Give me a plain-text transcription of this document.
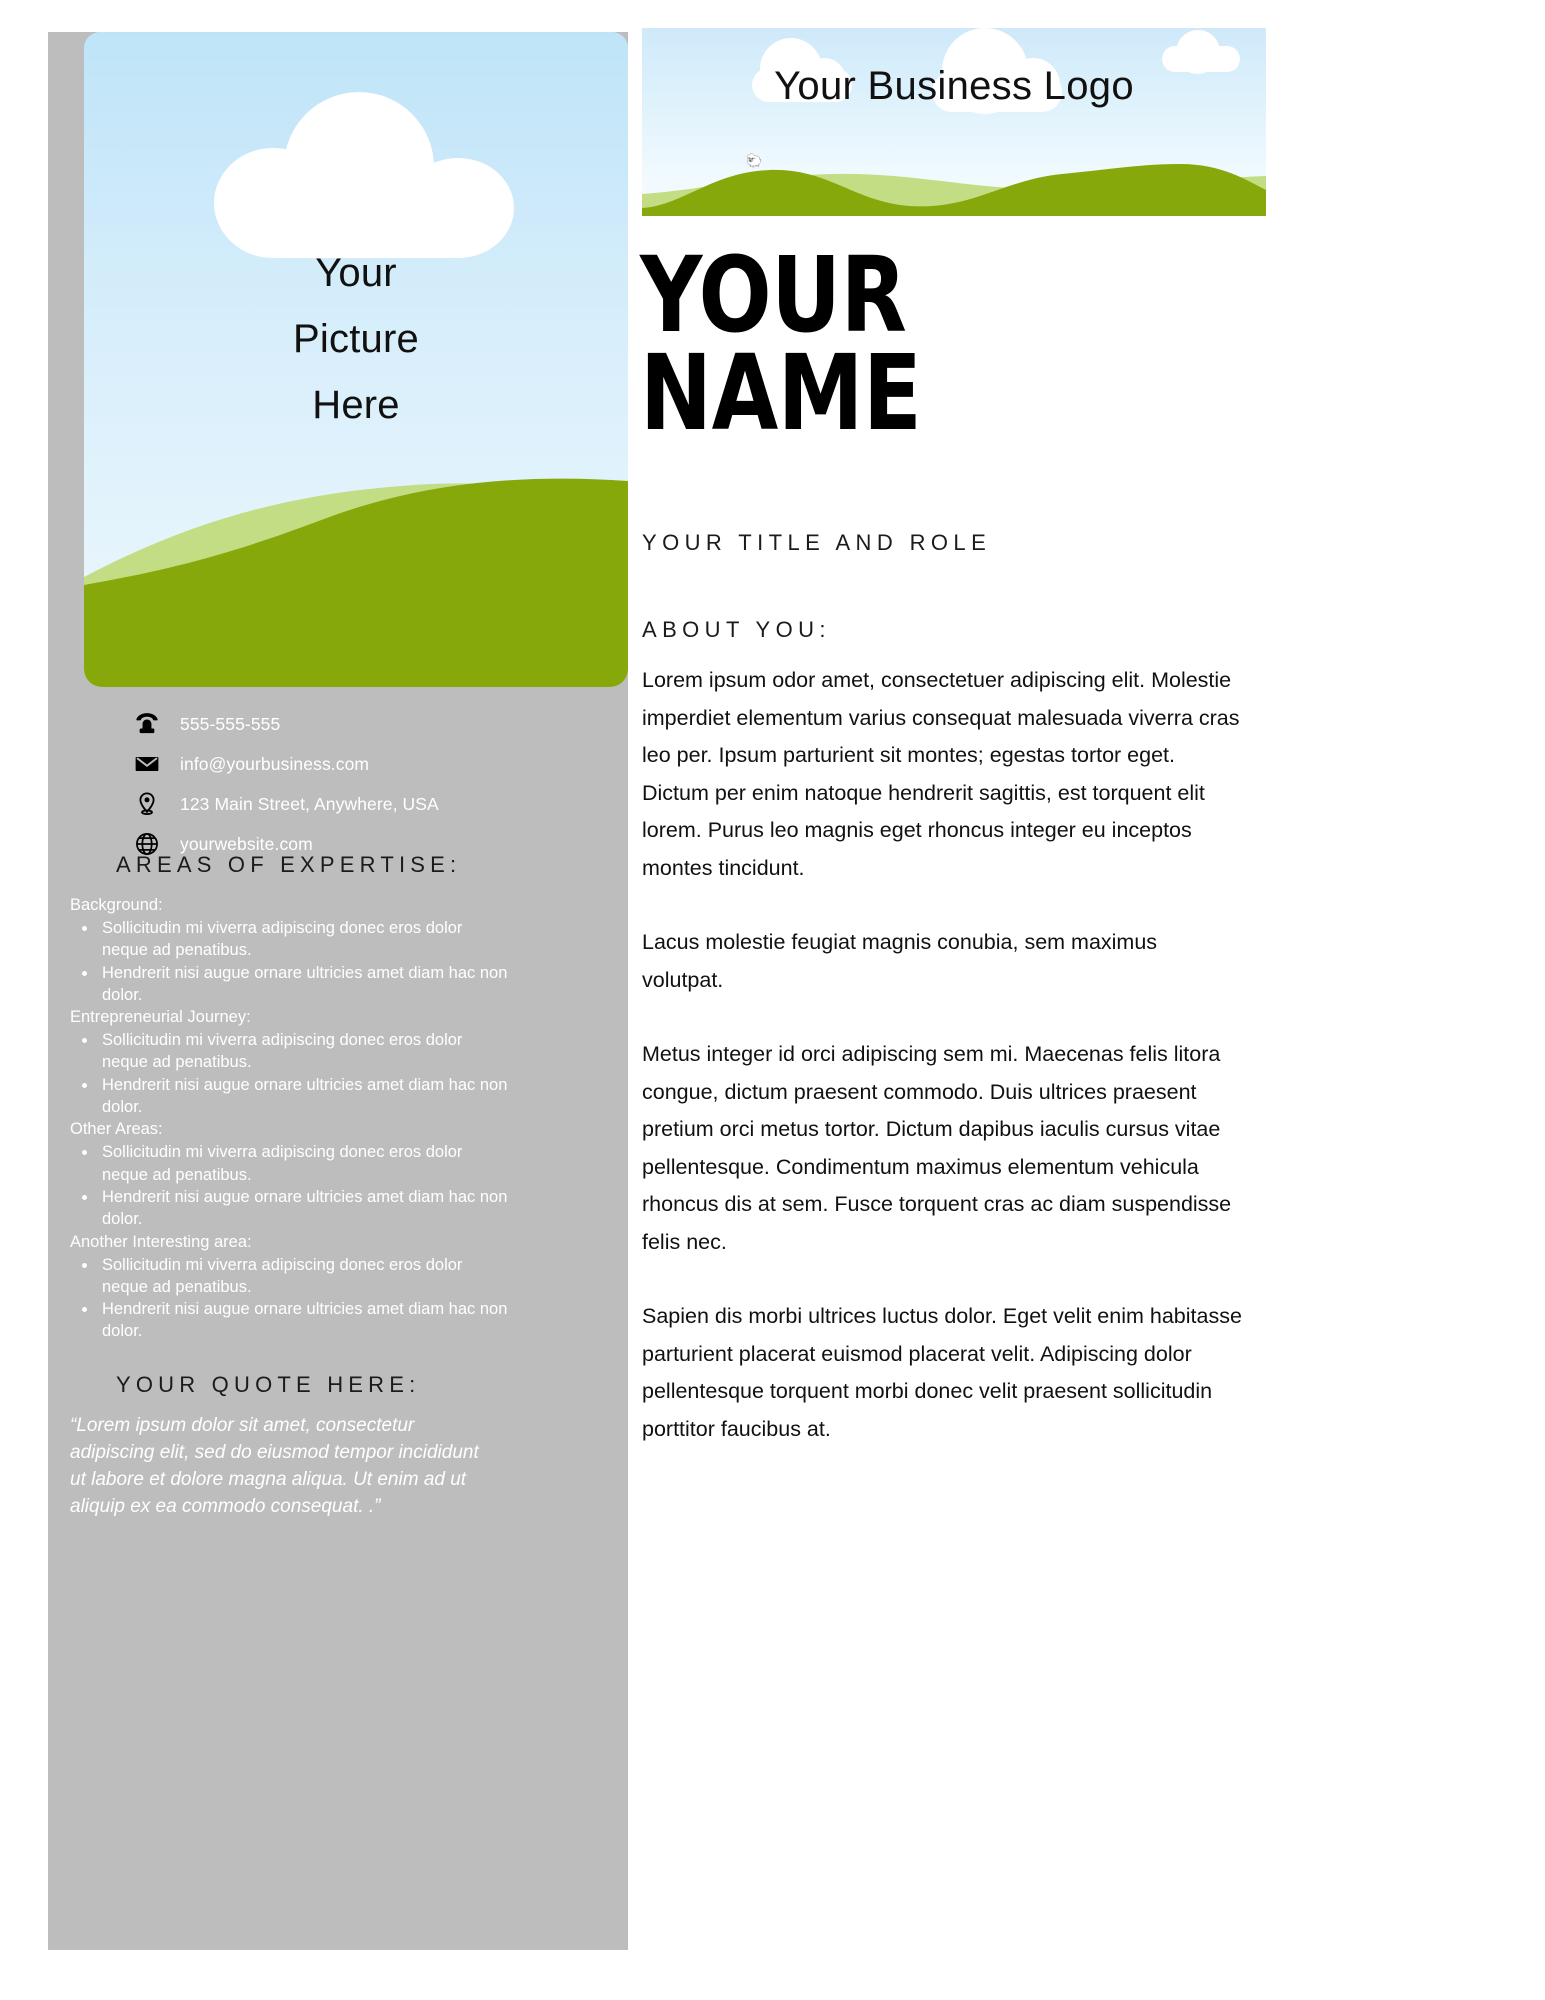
Your
Picture
Here
555-555-555
info@yourbusiness.com
123 Main Street, Anywhere, USA
yourwebsite.com
AREAS OF EXPERTISE:

Background:

Sollicitudin mi viverra adipiscing donec eros dolor neque ad penatibus.
Hendrerit nisi augue ornare ultricies amet diam hac non dolor.

Entrepreneurial Journey:

Sollicitudin mi viverra adipiscing donec eros dolor neque ad penatibus.
Hendrerit nisi augue ornare ultricies amet diam hac non dolor.

Other Areas:

Sollicitudin mi viverra adipiscing donec eros dolor neque ad penatibus.
Hendrerit nisi augue ornare ultricies amet diam hac non dolor.

Another Interesting area:

Sollicitudin mi viverra adipiscing donec eros dolor neque ad penatibus.
Hendrerit nisi augue ornare ultricies amet diam hac non dolor.
YOUR QUOTE HERE:
“Lorem ipsum dolor sit amet, consectetur adipiscing elit, sed do eiusmod tempor incididunt ut labore et dolore magna aliqua. Ut enim ad ut aliquip ex ea commodo consequat. .”
Your Business Logo
🐑
YOUR
NAME
YOUR TITLE AND ROLE
ABOUT YOU:

Lorem ipsum odor amet, consectetuer adipiscing elit. Molestie imperdiet elementum varius consequat malesuada viverra cras leo per. Ipsum parturient sit montes; egestas tortor eget. Dictum per enim natoque hendrerit sagittis, est torquent elit lorem. Purus leo magnis eget rhoncus integer eu inceptos montes tincidunt.

Lacus molestie feugiat magnis conubia, sem maximus volutpat.

Metus integer id orci adipiscing sem mi. Maecenas felis litora congue, dictum praesent commodo. Duis ultrices praesent pretium orci metus tortor. Dictum dapibus iaculis cursus vitae pellentesque. Condimentum maximus elementum vehicula rhoncus dis at sem. Fusce torquent cras ac diam suspendisse felis nec.

Sapien dis morbi ultrices luctus dolor. Eget velit enim habitasse parturient placerat euismod placerat velit. Adipiscing dolor pellentesque torquent morbi donec velit praesent sollicitudin porttitor faucibus at.
